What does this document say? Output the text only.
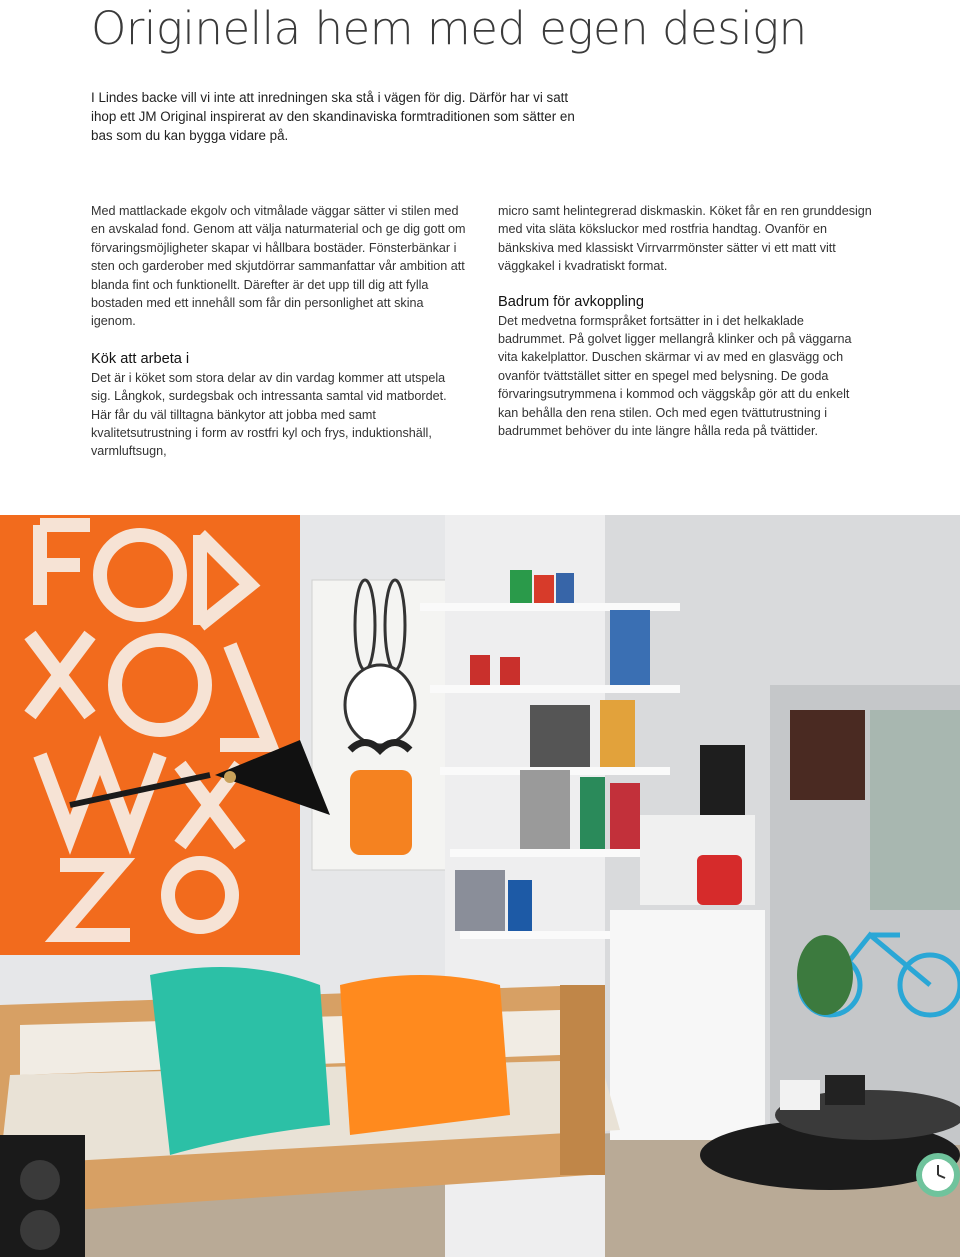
Originella hem med egen design

I Lindes backe vill vi inte att inredningen ska stå i vägen för dig. Därför har vi satt ihop ett JM Original inspirerat av den skandinaviska formtraditionen som sätter en bas som du kan bygga vidare på.

Med mattlackade ekgolv och vitmålade väggar sätter vi stilen med en avskalad fond. Genom att välja naturmaterial och ge dig gott om förvaringsmöjligheter skapar vi hållbara bostäder. Fönsterbänkar i sten och garderober med skjutdörrar sammanfattar vår ambition att blanda fint och funktionellt. Därefter är det upp till dig att fylla bostaden med ett innehåll som får din personlighet att skina igenom.

Kök att arbeta i

Det är i köket som stora delar av din vardag kommer att utspela sig. Långkok, surdegsbak och intressanta samtal vid matbordet. Här får du väl tilltagna bänkytor att jobba med samt kvalitetsutrustning i form av rostfri kyl och frys, induktionshäll, varmluftsugn,

micro samt helintegrerad diskmaskin. Köket får en ren grunddesign med vita släta köksluckor med rostfria handtag. Ovanför en bänkskiva med klassiskt Virrvarrmönster sätter vi ett matt vitt väggkakel i kvadratiskt format.

Badrum för avkoppling

Det medvetna formspråket fortsätter in i det helkaklade badrummet. På golvet ligger mellangrå klinker och på väggarna vita kakelplattor. Duschen skärmar vi av med en glasvägg och ovanför tvättstället sitter en spegel med belysning. De goda förvaringsutrymmena i kommod och väggskåp gör att du enkelt kan behålla den rena stilen. Och med egen tvättutrustning i badrummet behöver du inte längre hålla reda på tvättider.
